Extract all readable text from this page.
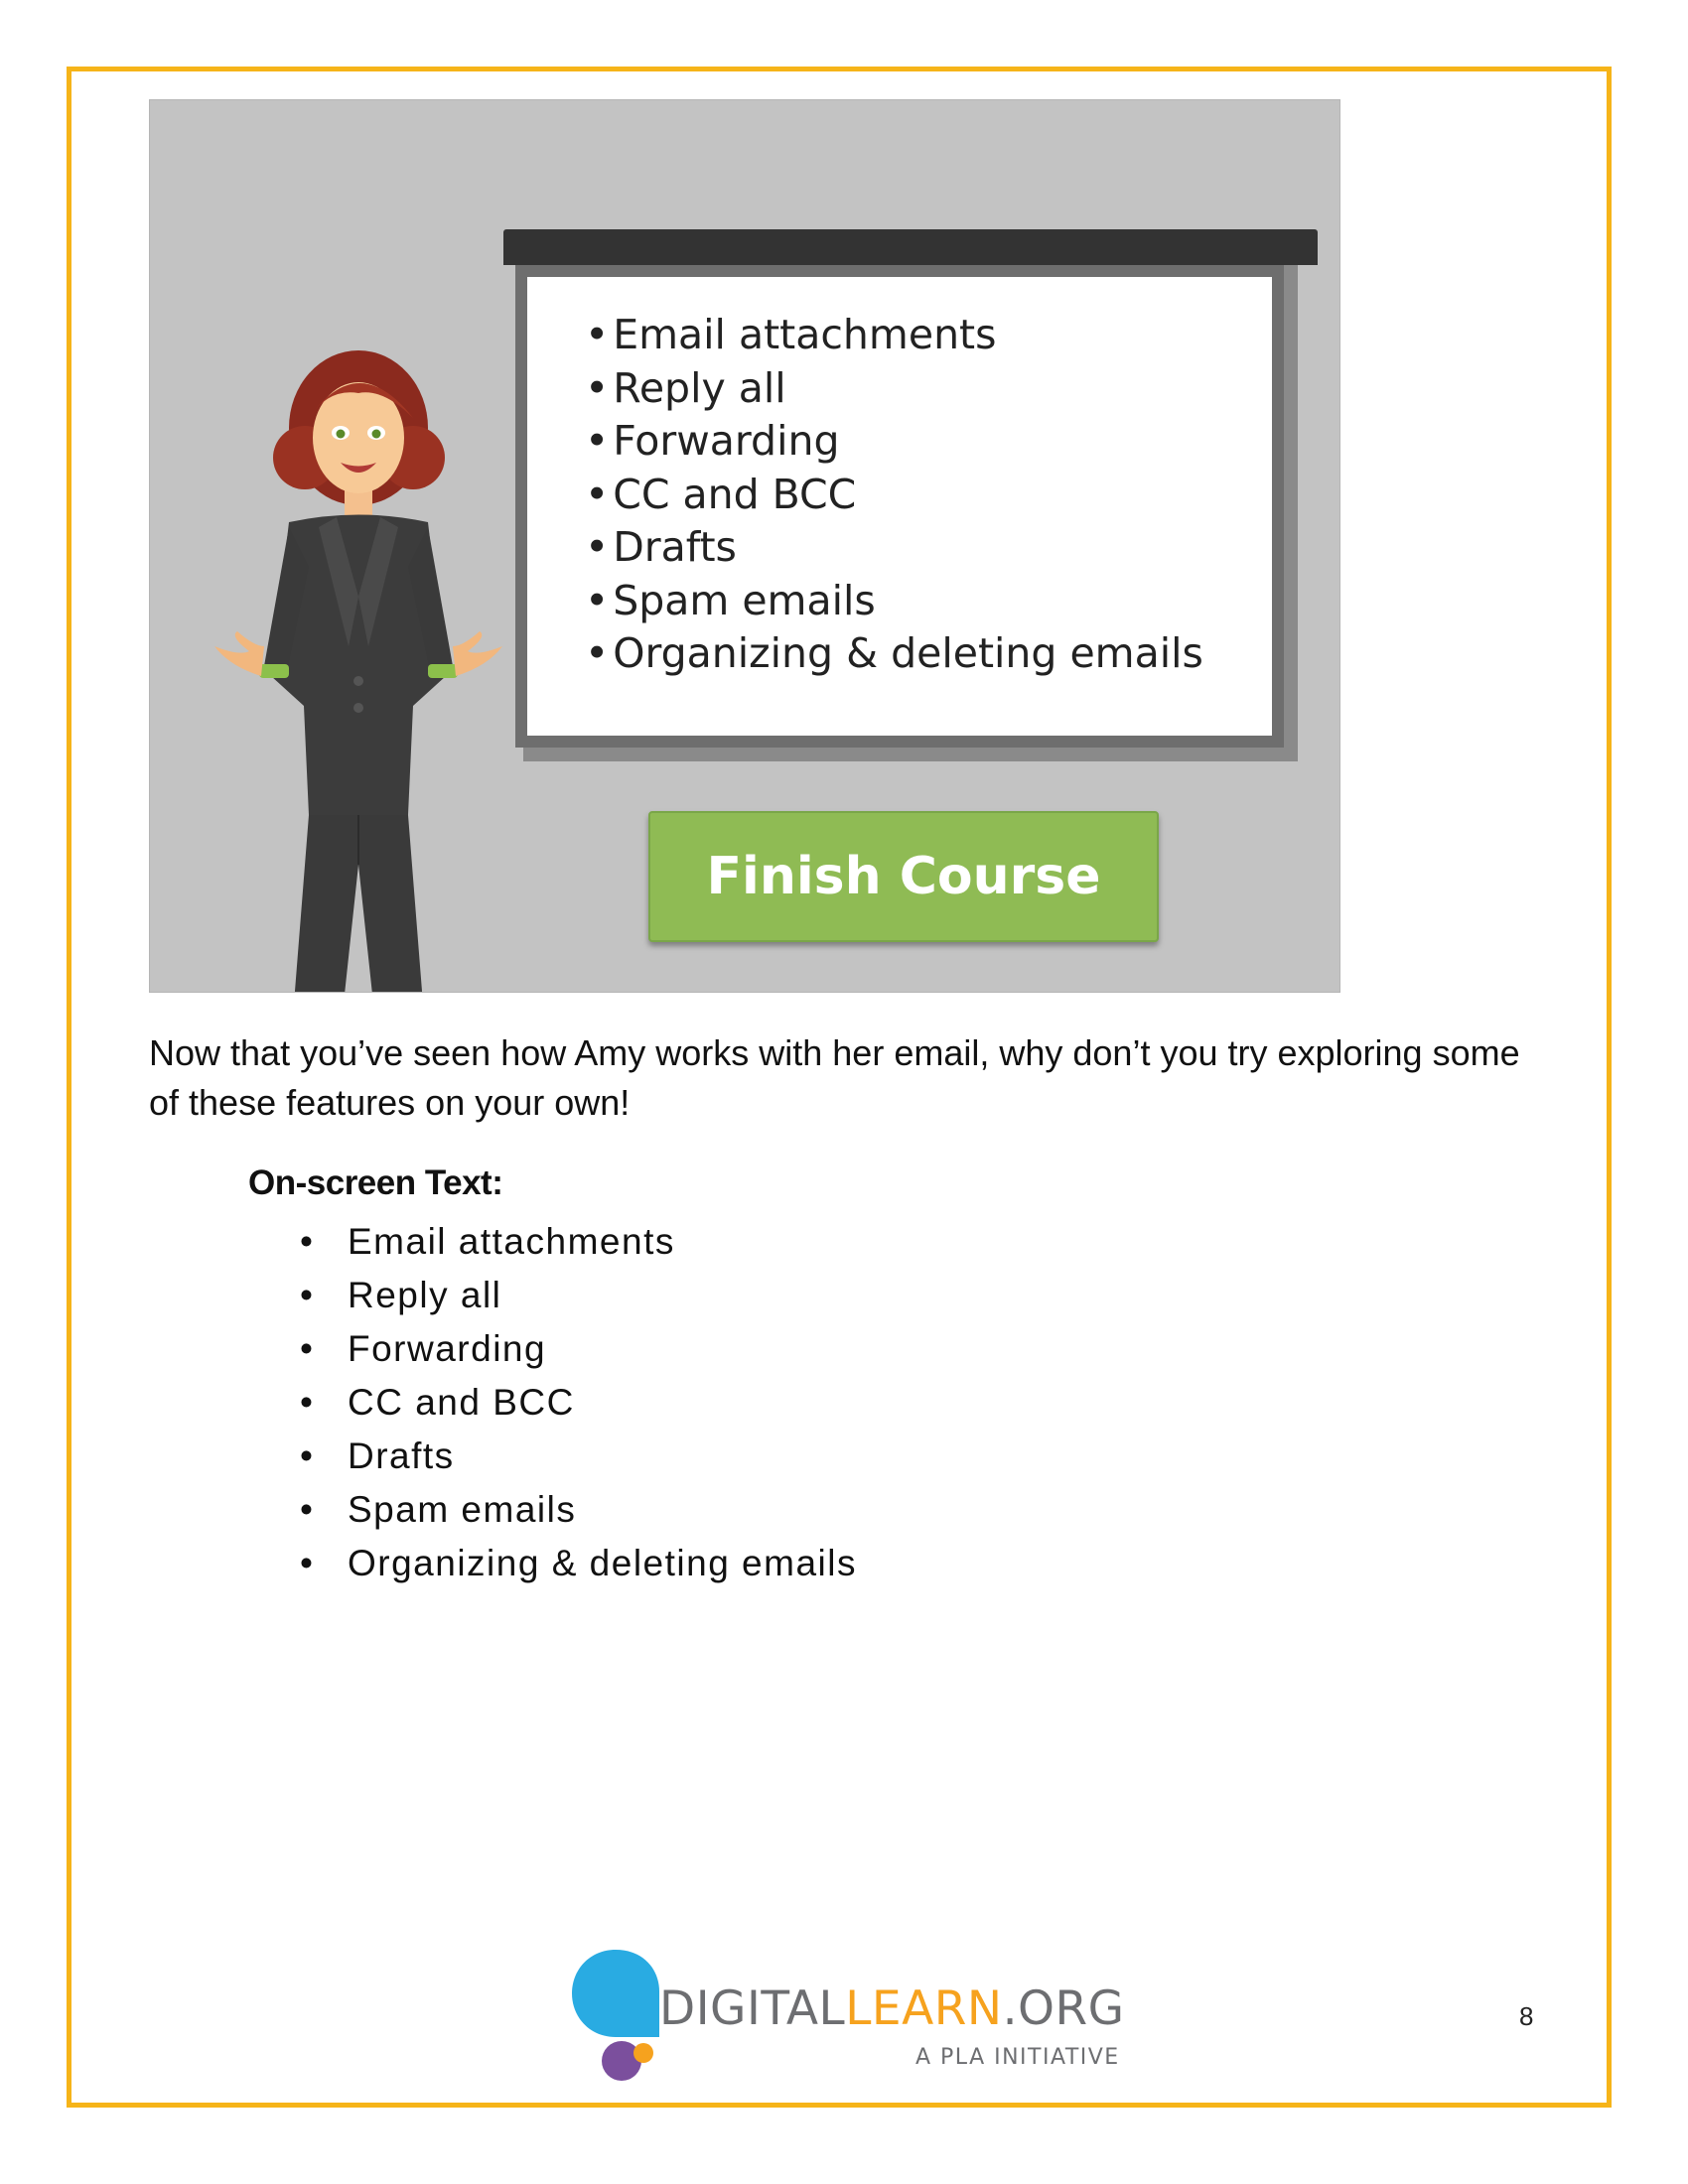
• Email attachments
• Reply all
• Forwarding
• CC and BCC
• Drafts
• Spam emails
• Organizing & deleting emails
Finish Course
Now that you’ve seen how Amy works with her email, why don’t you try exploring some of these features on your own!
On-screen Text:
• Email attachments
• Reply all
• Forwarding
• CC and BCC
• Drafts
• Spam emails
• Organizing & deleting emails
DIGITALLEARN.ORG
A PLA INITIATIVE
8
